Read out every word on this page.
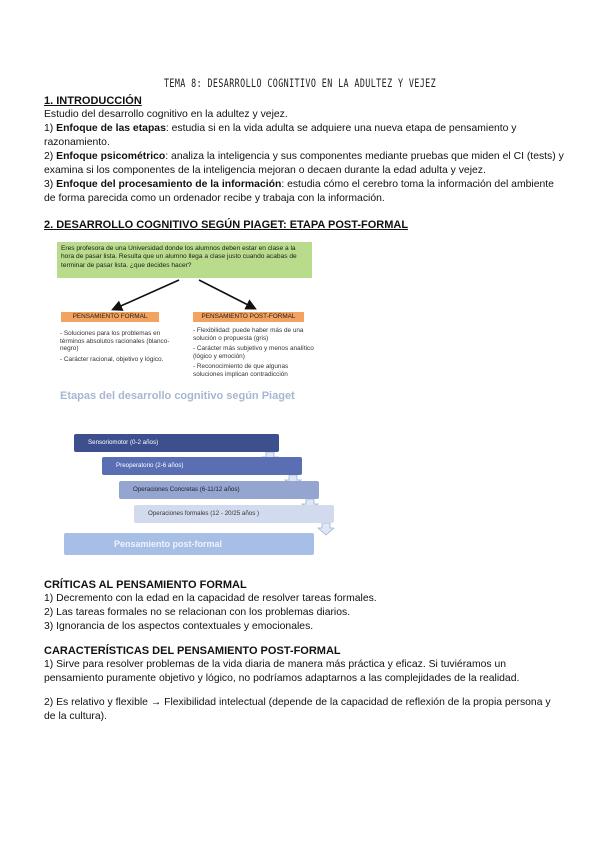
TEMA 8: DESARROLLO COGNITIVO EN LA ADULTEZ Y VEJEZ
1. INTRODUCCIÓN
Estudio del desarrollo cognitivo en la adultez y vejez.
1) Enfoque de las etapas: estudia si en la vida adulta se adquiere una nueva etapa de pensamiento y razonamiento.
2) Enfoque psicométrico: analiza la inteligencia y sus componentes mediante pruebas que miden el CI (tests) y examina si los componentes de la inteligencia mejoran o decaen durante la edad adulta y vejez.
3) Enfoque del procesamiento de la información: estudia cómo el cerebro toma la información del ambiente de forma parecida como un ordenador recibe y trabaja con la información.
2. DESARROLLO COGNITIVO SEGÚN PIAGET: ETAPA POST-FORMAL
Eres profesora de una Universidad donde los alumnos deben estar en clase a la hora de pasar lista. Resulta que un alumno llega a clase justo cuando acabas de terminar de pasar lista. ¿que decides hacer?
PENSAMIENTO FORMAL	PENSAMIENTO POST-FORMAL
- Soluciones para los problemas en términos absolutos racionales (blanco-negro)
- Carácter racional, objetivo y lógico.
- Flexibilidad: puede haber más de una solución o propuesta (gris)
- Carácter más subjetivo y menos analítico (lógico y emoción)
- Reconocimiento de que algunas soluciones implican contradicción
Etapas del desarrollo cognitivo según Piaget
Sensoriomotor (0-2 años)
Preoperatorio (2-6 años)
Operaciones Concretas (6-11/12 años)
Operaciones formales (12 - 20/25 años )
Pensamiento post-formal
CRÍTICAS AL PENSAMIENTO FORMAL
1) Decremento con la edad en la capacidad de resolver tareas formales.
2) Las tareas formales no se relacionan con los problemas diarios.
3) Ignorancia de los aspectos contextuales y emocionales.
CARACTERÍSTICAS DEL PENSAMIENTO POST-FORMAL
1) Sirve para resolver problemas de la vida diaria de manera más práctica y eficaz. Si tuviéramos un pensamiento puramente objetivo y lógico, no podríamos adaptarnos a las complejidades de la realidad.
2) Es relativo y flexible → Flexibilidad intelectual (depende de la capacidad de reflexión de la propia persona y de la cultura).
